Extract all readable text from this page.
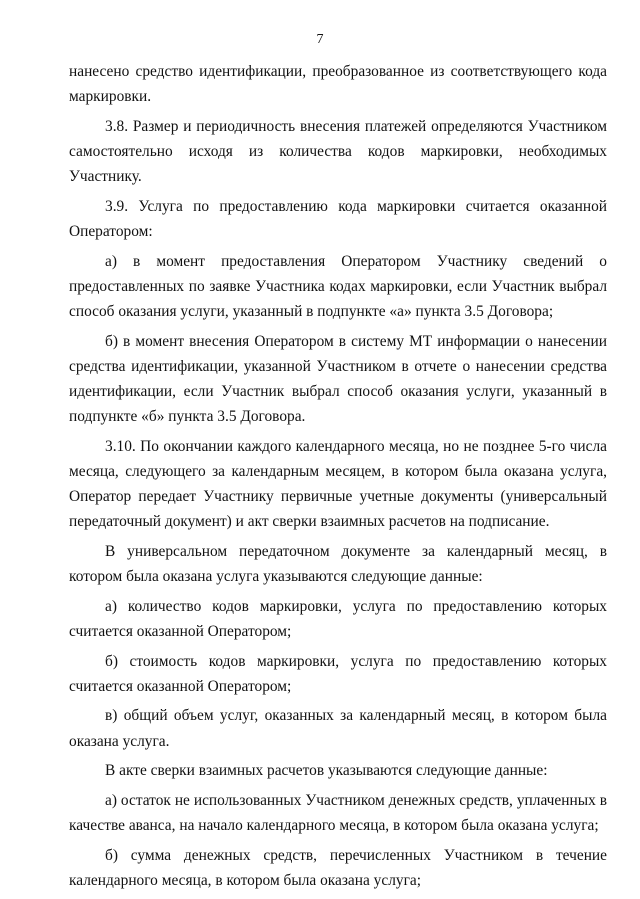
7

нанесено средство идентификации, преобразованное из соответствующего кода маркировки.

3.8. Размер и периодичность внесения платежей определяются Участником самостоятельно исходя из количества кодов маркировки, необходимых Участнику.

3.9. Услуга по предоставлению кода маркировки считается оказанной Оператором:

а) в момент предоставления Оператором Участнику сведений о предоставленных по заявке Участника кодах маркировки, если Участник выбрал способ оказания услуги, указанный в подпункте «а» пункта 3.5 Договора;

б) в момент внесения Оператором в систему МТ информации о нанесении средства идентификации, указанной Участником в отчете о нанесении средства идентификации, если Участник выбрал способ оказания услуги, указанный в подпункте «б» пункта 3.5 Договора.

3.10. По окончании каждого календарного месяца, но не позднее 5-го числа месяца, следующего за календарным месяцем, в котором была оказана услуга, Оператор передает Участнику первичные учетные документы (универсальный передаточный документ) и акт сверки взаимных расчетов на подписание.

В универсальном передаточном документе за календарный месяц, в котором была оказана услуга указываются следующие данные:

а) количество кодов маркировки, услуга по предоставлению которых считается оказанной Оператором;

б) стоимость кодов маркировки, услуга по предоставлению которых считается оказанной Оператором;

в) общий объем услуг, оказанных за календарный месяц, в котором была оказана услуга.

В акте сверки взаимных расчетов указываются следующие данные:

а) остаток не использованных Участником денежных средств, уплаченных в качестве аванса, на начало календарного месяца, в котором была оказана услуга;

б) сумма денежных средств, перечисленных Участником в течение календарного месяца, в котором была оказана услуга;
